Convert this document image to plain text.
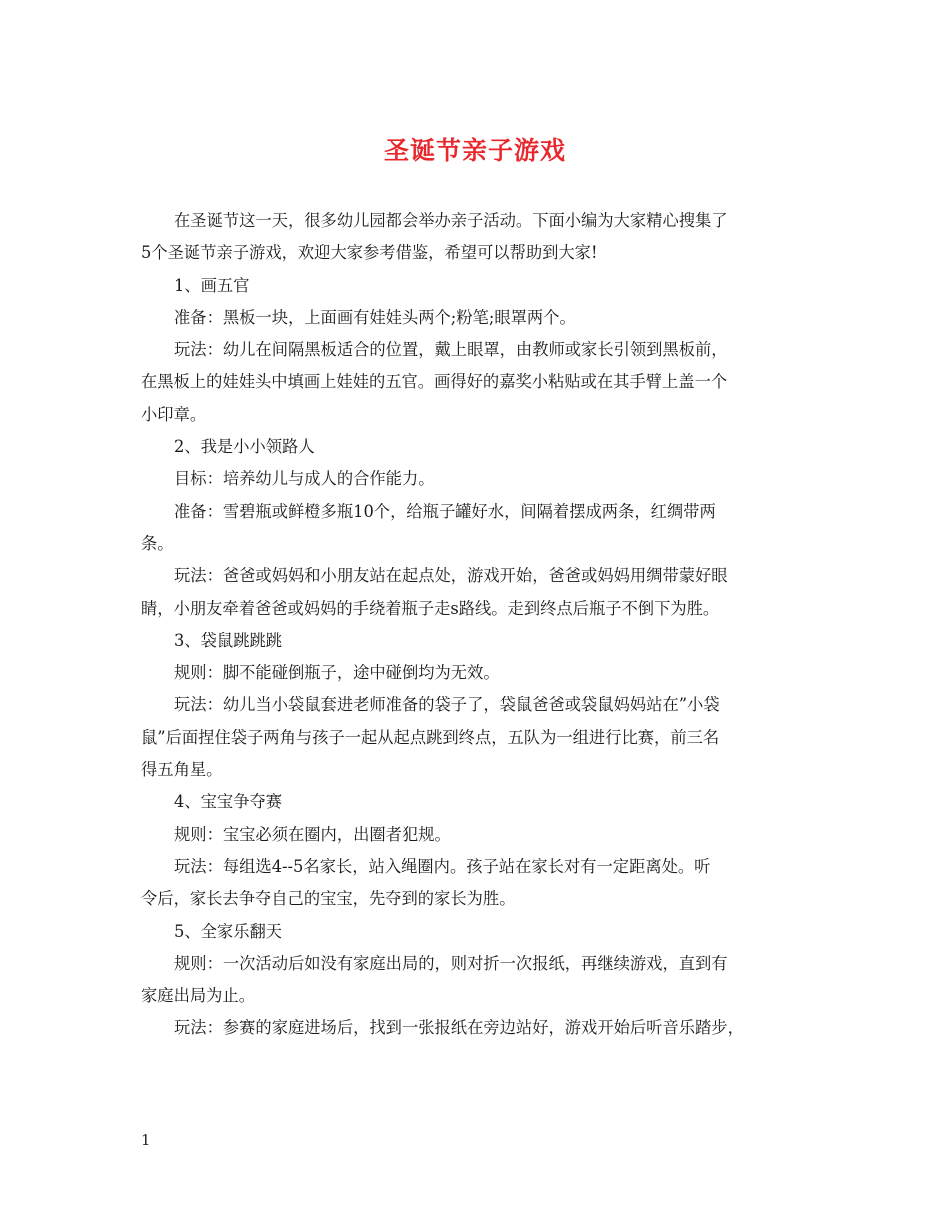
圣诞节亲子游戏

在圣诞节这一天，很多幼儿园都会举办亲子活动。下面小编为大家精心搜集了

5个圣诞节亲子游戏，欢迎大家参考借鉴，希望可以帮助到大家!

1、画五官

准备：黑板一块，上面画有娃娃头两个;粉笔;眼罩两个。

玩法：幼儿在间隔黑板适合的位置，戴上眼罩，由教师或家长引领到黑板前，

在黑板上的娃娃头中填画上娃娃的五官。画得好的嘉奖小粘贴或在其手臂上盖一个

小印章。

2、我是小小领路人

目标：培养幼儿与成人的合作能力。

准备：雪碧瓶或鲜橙多瓶10个，给瓶子罐好水，间隔着摆成两条，红绸带两

条。

玩法：爸爸或妈妈和小朋友站在起点处，游戏开始，爸爸或妈妈用绸带蒙好眼

睛，小朋友牵着爸爸或妈妈的手绕着瓶子走s路线。走到终点后瓶子不倒下为胜。

3、袋鼠跳跳跳

规则：脚不能碰倒瓶子，途中碰倒均为无效。

玩法：幼儿当小袋鼠套进老师准备的袋子了，袋鼠爸爸或袋鼠妈妈站在”小袋

鼠”后面捏住袋子两角与孩子一起从起点跳到终点，五队为一组进行比赛，前三名

得五角星。

4、宝宝争夺赛

规则：宝宝必须在圈内，出圈者犯规。

玩法：每组选4--5名家长，站入绳圈内。孩子站在家长对有一定距离处。听

令后，家长去争夺自己的宝宝，先夺到的家长为胜。

5、全家乐翻天

规则：一次活动后如没有家庭出局的，则对折一次报纸，再继续游戏，直到有

家庭出局为止。

玩法：参赛的家庭进场后，找到一张报纸在旁边站好，游戏开始后听音乐踏步，

1
